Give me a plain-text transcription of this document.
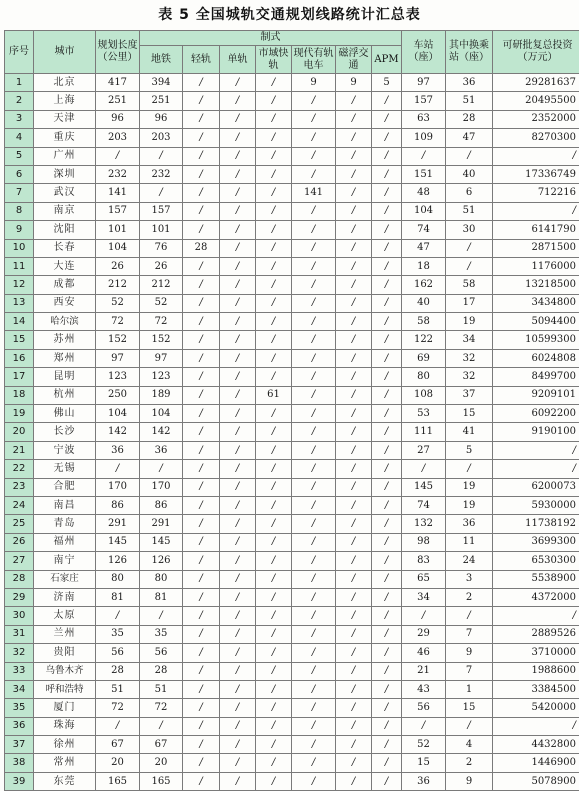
表 5 全国城轨交通规划线路统计汇总表
序号	城市	规划长度（公里）	制式							车站（座）	其中换乘站（座）	可研批复总投资（万元）
			地铁	轻轨	单轨	市域快轨	现代有轨电车	磁浮交通	APM			
1	北京	417	394	/	/	/	9	9	5	97	36	29281637
2	上海	251	251	/	/	/	/	/	/	157	51	20495500
3	天津	96	96	/	/	/	/	/	/	63	28	2352000
4	重庆	203	203	/	/	/	/	/	/	109	47	8270300
5	广州	/	/	/	/	/	/	/	/	/	/	/
6	深圳	232	232	/	/	/	/	/	/	151	40	17336749
7	武汉	141	/	/	/	/	141	/	/	48	6	712216
8	南京	157	157	/	/	/	/	/	/	104	51	/
9	沈阳	101	101	/	/	/	/	/	/	74	30	6141790
10	长春	104	76	28	/	/	/	/	/	47	/	2871500
11	大连	26	26	/	/	/	/	/	/	18	/	1176000
12	成都	212	212	/	/	/	/	/	/	162	58	13218500
13	西安	52	52	/	/	/	/	/	/	40	17	3434800
14	哈尔滨	72	72	/	/	/	/	/	/	58	19	5094400
15	苏州	152	152	/	/	/	/	/	/	122	34	10599300
16	郑州	97	97	/	/	/	/	/	/	69	32	6024808
17	昆明	123	123	/	/	/	/	/	/	80	32	8499700
18	杭州	250	189	/	/	61	/	/	/	108	37	9209101
19	佛山	104	104	/	/	/	/	/	/	53	15	6092200
20	长沙	142	142	/	/	/	/	/	/	111	41	9190100
21	宁波	36	36	/	/	/	/	/	/	27	5	/
22	无锡	/	/	/	/	/	/	/	/	/	/	/
23	合肥	170	170	/	/	/	/	/	/	145	19	6200073
24	南昌	86	86	/	/	/	/	/	/	74	19	5930000
25	青岛	291	291	/	/	/	/	/	/	132	36	11738192
26	福州	145	145	/	/	/	/	/	/	98	11	3699300
27	南宁	126	126	/	/	/	/	/	/	83	24	6530300
28	石家庄	80	80	/	/	/	/	/	/	65	3	5538900
29	济南	81	81	/	/	/	/	/	/	34	2	4372000
30	太原	/	/	/	/	/	/	/	/	/	/	/
31	兰州	35	35	/	/	/	/	/	/	29	7	2889526
32	贵阳	56	56	/	/	/	/	/	/	46	9	3710000
33	乌鲁木齐	28	28	/	/	/	/	/	/	21	7	1988600
34	呼和浩特	51	51	/	/	/	/	/	/	43	1	3384500
35	厦门	72	72	/	/	/	/	/	/	56	15	5420000
36	珠海	/	/	/	/	/	/	/	/	/	/	/
37	徐州	67	67	/	/	/	/	/	/	52	4	4432800
38	常州	20	20	/	/	/	/	/	/	15	2	1446900
39	东莞	165	165	/	/	/	/	/	/	36	9	5078900
